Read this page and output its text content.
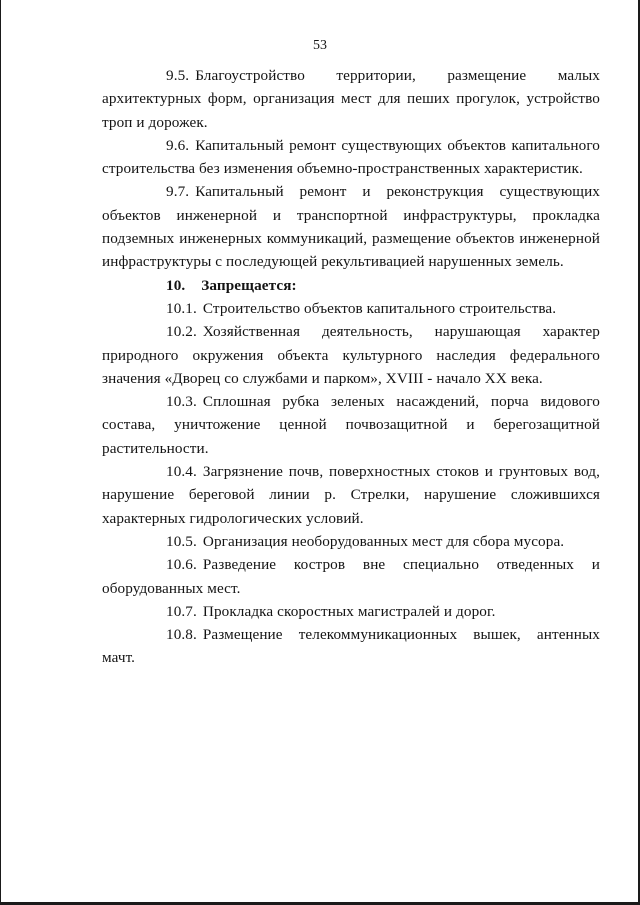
53

9.5. Благоустройство территории, размещение малых архитектурных форм, организация мест для пеших прогулок, устройство троп и дорожек.

9.6. Капитальный ремонт существующих объектов капитального строительства без изменения объемно-пространственных характеристик.

9.7. Капитальный ремонт и реконструкция существующих объектов инженерной и транспортной инфраструктуры, прокладка подземных инженерных коммуникаций, размещение объектов инженерной инфраструктуры с последующей рекультивацией нарушенных земель.

10. Запрещается:

10.1. Строительство объектов капитального строительства.

10.2. Хозяйственная деятельность, нарушающая характер природного окружения объекта культурного наследия федерального значения «Дворец со службами и парком», XVIII - начало XX века.

10.3. Сплошная рубка зеленых насаждений, порча видового состава, уничтожение ценной почвозащитной и берегозащитной растительности.

10.4. Загрязнение почв, поверхностных стоков и грунтовых вод, нарушение береговой линии р. Стрелки, нарушение сложившихся характерных гидрологических условий.

10.5. Организация необорудованных мест для сбора мусора.

10.6. Разведение костров вне специально отведенных и оборудованных мест.

10.7. Прокладка скоростных магистралей и дорог.

10.8. Размещение телекоммуникационных вышек, антенных мачт.
